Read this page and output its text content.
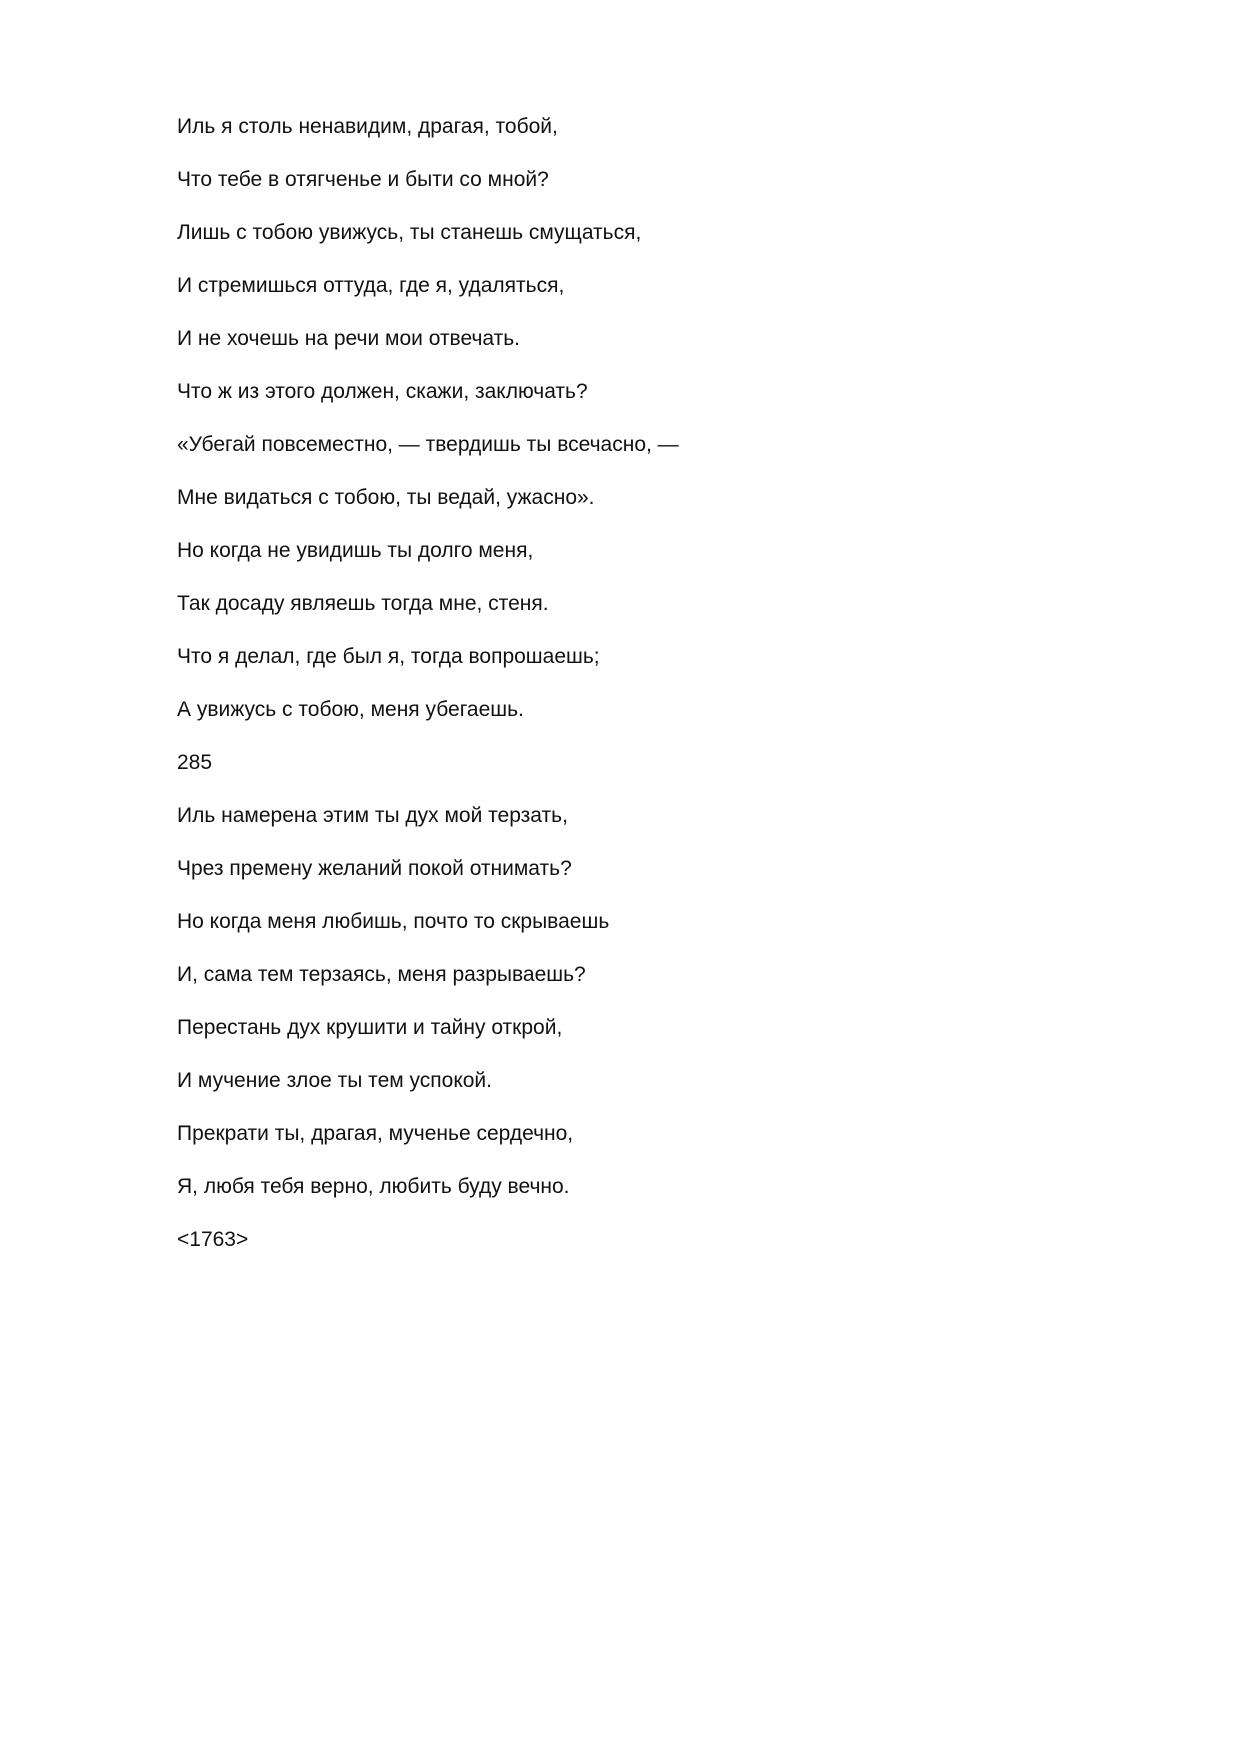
Иль я столь ненавидим, драгая, тобой,
Что тебе в отягченье и быти со мной?
Лишь с тобою увижусь, ты станешь смущаться,
И стремишься оттуда, где я, удаляться,
И не хочешь на речи мои отвечать.
Что ж из этого должен, скажи, заключать?
«Убегай повсеместно, — твердишь ты всечасно, —
Мне видаться с тобою, ты ведай, ужасно».
Но когда не увидишь ты долго меня,
Так досаду являешь тогда мне, стеня.
Что я делал, где был я, тогда вопрошаешь;
А увижусь с тобою, меня убегаешь.
285
Иль намерена этим ты дух мой терзать,
Чрез премену желаний покой отнимать?
Но когда меня любишь, почто то скрываешь
И, сама тем терзаясь, меня разрываешь?
Перестань дух крушити и тайну открой,
И мучение злое ты тем успокой.
Прекрати ты, драгая, мученье сердечно,
Я, любя тебя верно, любить буду вечно.
<1763>
